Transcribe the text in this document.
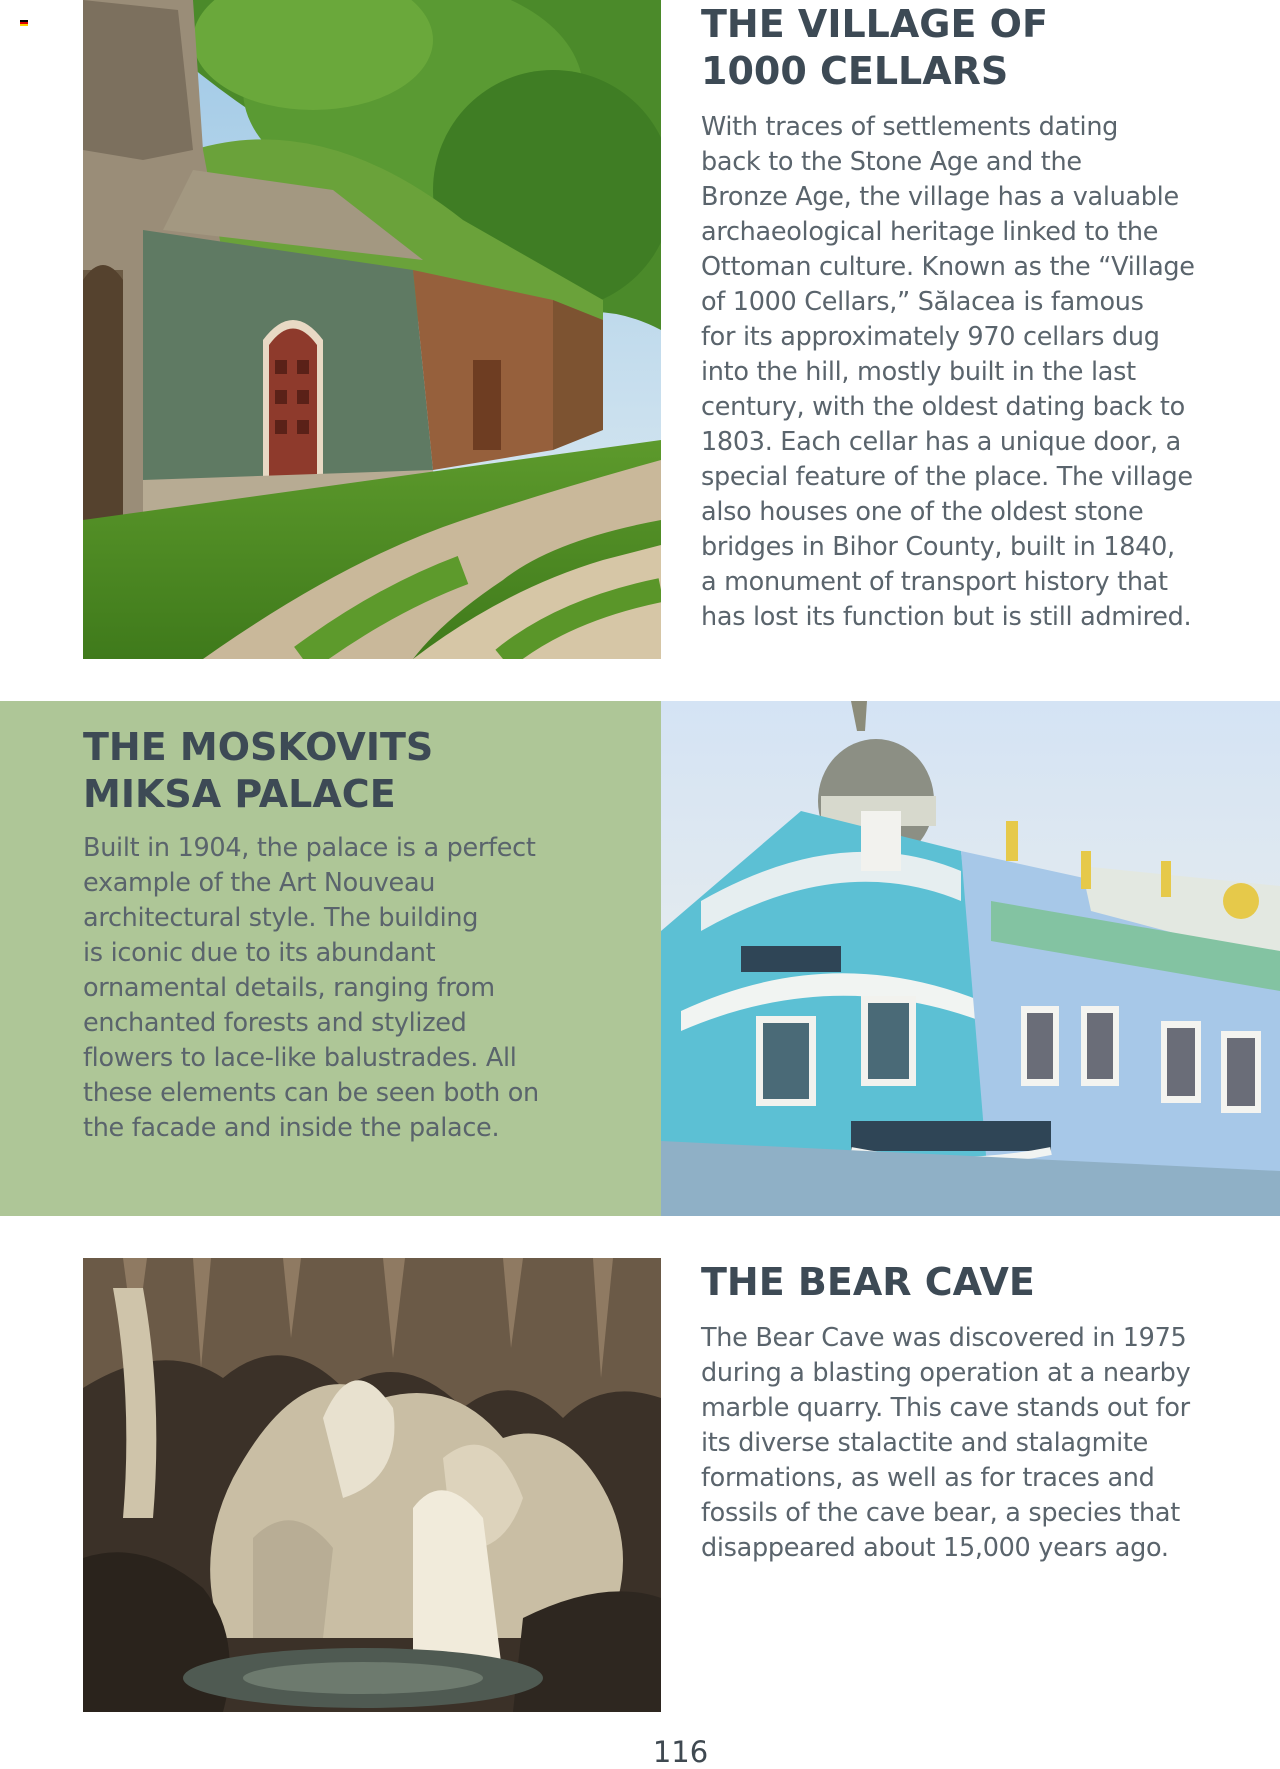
THE VILLAGE OF
1000 CELLARS
With traces of settlements dating
back to the Stone Age and the
Bronze Age, the village has a valuable
archaeological heritage linked to the
Ottoman culture. Known as the “Village
of 1000 Cellars,” Sălacea is famous
for its approximately 970 cellars dug
into the hill, mostly built in the last
century, with the oldest dating back to
1803. Each cellar has a unique door, a
special feature of the place. The village
also houses one of the oldest stone
bridges in Bihor County, built in 1840,
a monument of transport history that
has lost its function but is still admired.
THE MOSKOVITS
MIKSA PALACE
Built in 1904, the palace is a perfect
example of the Art Nouveau
architectural style. The building
is iconic due to its abundant
ornamental details, ranging from
enchanted forests and stylized
flowers to lace-like balustrades. All
these elements can be seen both on
the facade and inside the palace.
THE BEAR CAVE
The Bear Cave was discovered in 1975
during a blasting operation at a nearby
marble quarry. This cave stands out for
its diverse stalactite and stalagmite
formations, as well as for traces and
fossils of the cave bear, a species that
disappeared about 15,000 years ago.
116
